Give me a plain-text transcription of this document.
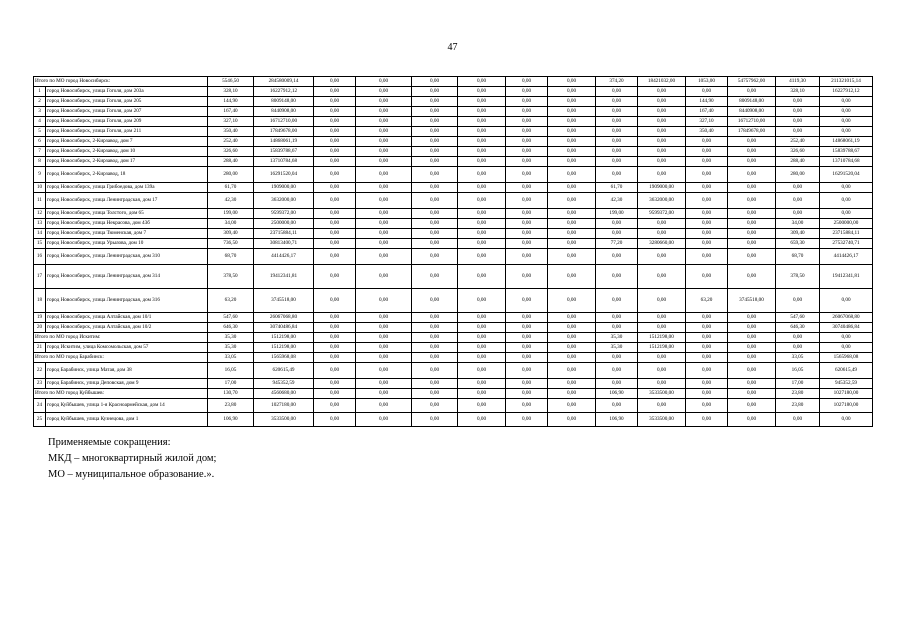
47
Итого по МО город Новосибирск:		5546,50	284580009,14	0,00	0,00	0,00	0,00	0,00	0,00	374,20	18421032,00	1053,00	54757962,00	4119,30	211321015,14
1	город Новосибирск, улица Гоголя, дом 203а	328,10	16227912,12	0,00	0,00	0,00	0,00	0,00	0,00	0,00	0,00	0,00	0,00	328,10	16227912,12
2	город Новосибирск, улица Гоголя, дом 205	144,90	8009148,00	0,00	0,00	0,00	0,00	0,00	0,00	0,00	0,00	144,90	8009148,00	0,00	0,00
3	город Новосибирск, улица Гоголя, дом 207	167,40	8440908,00	0,00	0,00	0,00	0,00	0,00	0,00	0,00	0,00	167,40	8440908,00	0,00	0,00
4	город Новосибирск, улица Гоголя, дом 209	327,10	16712710,00	0,00	0,00	0,00	0,00	0,00	0,00	0,00	0,00	327,10	16712710,00	0,00	0,00
5	город Новосибирск, улица Гоголя, дом 211	350,40	17849678,00	0,00	0,00	0,00	0,00	0,00	0,00	0,00	0,00	350,40	17849678,00	0,00	0,00
6	город Новосибирск, 2-Кирзавод, дом 7	252,40	14868061,19	0,00	0,00	0,00	0,00	0,00	0,00	0,00	0,00	0,00	0,00	252,40	14868061,19
7	город Новосибирск, 2-Кирзавод, дом 10	326,60	15839788,67	0,00	0,00	0,00	0,00	0,00	0,00	0,00	0,00	0,00	0,00	326,60	15839788,67
8	город Новосибирск, 2-Кирзавод, дом 17	288,40	13710784,68	0,00	0,00	0,00	0,00	0,00	0,00	0,00	0,00	0,00	0,00	288,40	13710784,68
9	город Новосибирск, 2-Кирзавод, 18	280,00	16291520,04	0,00	0,00	0,00	0,00	0,00	0,00	0,00	0,00	0,00	0,00	280,00	16291520,04
10	город Новосибирск, улица Грибоедова, дом 139а	61,70	1909000,00	0,00	0,00	0,00	0,00	0,00	0,00	61,70	1909000,00	0,00	0,00	0,00	0,00
11	город Новосибирск, улица Ленинградская, дом 17	42,30	3632000,00	0,00	0,00	0,00	0,00	0,00	0,00	42,30	3632000,00	0,00	0,00	0,00	0,00
12	город Новосибирск, улица Толстого, дом 65	199,00	9599372,00	0,00	0,00	0,00	0,00	0,00	0,00	199,00	9599372,00	0,00	0,00	0,00	0,00
13	город Новосибирск, улица Некрасова, дом 43б	34,00	2500000,00	0,00	0,00	0,00	0,00	0,00	0,00	0,00	0,00	0,00	0,00	34,00	2500000,00
14	город Новосибирск, улица Тюменская, дом 7	309,40	23715884,11	0,00	0,00	0,00	0,00	0,00	0,00	0,00	0,00	0,00	0,00	309,40	23715884,11
15	город Новосибирск, улица Урылова, дом 10	736,50	30813400,71	0,00	0,00	0,00	0,00	0,00	0,00	77,20	3280660,00	0,00	0,00	659,30	27532740,71
16	город Новосибирск, улица Ленинградская, дом 310	68,70	4414426,17	0,00	0,00	0,00	0,00	0,00	0,00	0,00	0,00	0,00	0,00	68,70	4414426,17
17	город Новосибирск, улица Ленинградская, дом 314	378,50	19412341,81	0,00	0,00	0,00	0,00	0,00	0,00	0,00	0,00	0,00	0,00	378,50	19412341,81
18	город Новосибирск, улица Ленинградская, дом 316	63,20	3745518,00	0,00	0,00	0,00	0,00	0,00	0,00	0,00	0,00	63,20	3745518,00	0,00	0,00
19	город Новосибирск, улица Алтайская, дом 10/1	547,60	26067068,80	0,00	0,00	0,00	0,00	0,00	0,00	0,00	0,00	0,00	0,00	547,60	26067068,80
20	город Новосибирск, улица Алтайская, дом 10/2	646,30	30740486,84	0,00	0,00	0,00	0,00	0,00	0,00	0,00	0,00	0,00	0,00	646,30	30740486,84
Итого по МО город Искитим:		35,30	1512198,00	0,00	0,00	0,00	0,00	0,00	0,00	35,30	1512198,00	0,00	0,00	0,00	0,00
21	город Искитим, улица Комсомольская, дом 57	35,30	1512198,00	0,00	0,00	0,00	0,00	0,00	0,00	35,30	1512198,00	0,00	0,00	0,00	0,00
Итого по МО город Барабинск:		33,05	1565968,08	0,00	0,00	0,00	0,00	0,00	0,00	0,00	0,00	0,00	0,00	33,05	1565968,08
22	город Барабинск, улица Матая, дом 38	16,05	620615,49	0,00	0,00	0,00	0,00	0,00	0,00	0,00	0,00	0,00	0,00	16,05	620615,49
23	город Барабинск, улица Деповская, дом 9	17,00	945352,59	0,00	0,00	0,00	0,00	0,00	0,00	0,00	0,00	0,00	0,00	17,00	945352,59
Итого по МО город Куйбышев:		130,70	4560680,00	0,00	0,00	0,00	0,00	0,00	0,00	106,90	3533500,00	0,00	0,00	23,80	1027180,00
24	город Куйбышев, улица 1-я Красноармейская, дом 14	23,80	1027180,00	0,00	0,00	0,00	0,00	0,00	0,00	0,00	0,00	0,00	0,00	23,80	1027180,00
25	город Куйбышев, улица Кузнецова, дом 1	106,90	3533500,00	0,00	0,00	0,00	0,00	0,00	0,00	106,90	3533500,00	0,00	0,00	0,00	0,00
Применяемые сокращения:
МКД – многоквартирный жилой дом;
МО – муниципальное образование.».
